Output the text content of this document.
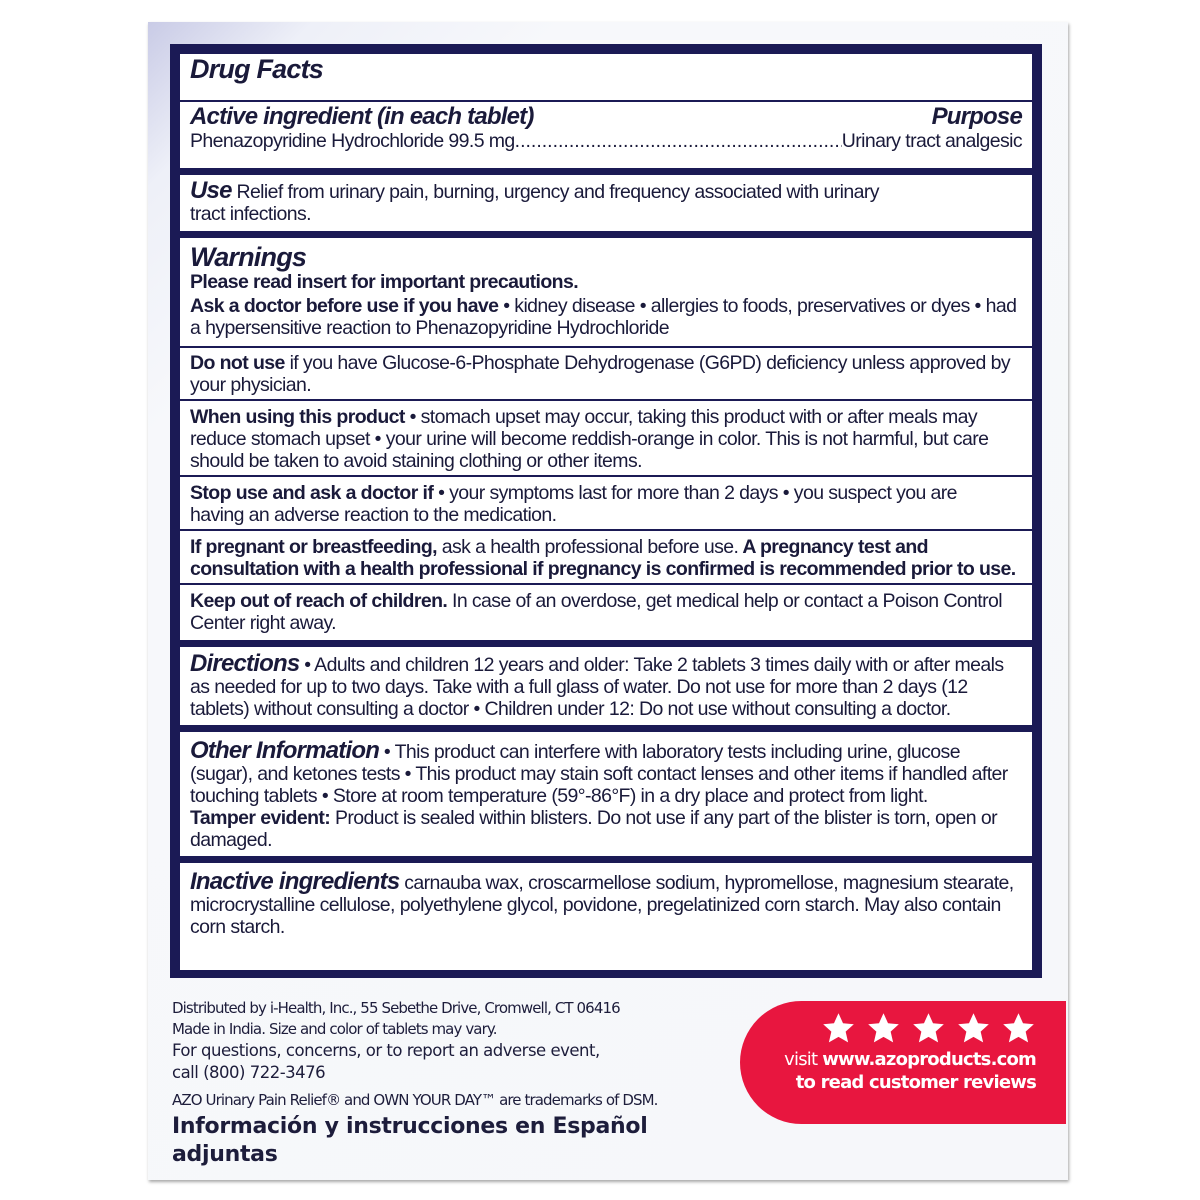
Drug Facts
Active ingredient (in each tablet)	Purpose
Phenazopyridine Hydrochloride 99.5 mg .....	Urinary tract analgesic
Use Relief from urinary pain, burning, urgency and frequency associated with urinary tract infections.
Warnings
Please read insert for important precautions.
Ask a doctor before use if you have • kidney disease • allergies to foods, preservatives or dyes • had a hypersensitive reaction to Phenazopyridine Hydrochloride
Do not use if you have Glucose-6-Phosphate Dehydrogenase (G6PD) deficiency unless approved by your physician.
When using this product • stomach upset may occur, taking this product with or after meals may reduce stomach upset • your urine will become reddish-orange in color. This is not harmful, but care should be taken to avoid staining clothing or other items.
Stop use and ask a doctor if • your symptoms last for more than 2 days • you suspect you are having an adverse reaction to the medication.
If pregnant or breastfeeding, ask a health professional before use. A pregnancy test and consultation with a health professional if pregnancy is confirmed is recommended prior to use.
Keep out of reach of children. In case of an overdose, get medical help or contact a Poison Control Center right away.
Directions • Adults and children 12 years and older: Take 2 tablets 3 times daily with or after meals as needed for up to two days. Take with a full glass of water. Do not use for more than 2 days (12 tablets) without consulting a doctor • Children under 12: Do not use without consulting a doctor.
Other Information • This product can interfere with laboratory tests including urine, glucose (sugar), and ketones tests • This product may stain soft contact lenses and other items if handled after touching tablets • Store at room temperature (59°-86°F) in a dry place and protect from light.
Tamper evident: Product is sealed within blisters. Do not use if any part of the blister is torn, open or damaged.
Inactive ingredients carnauba wax, croscarmellose sodium, hypromellose, magnesium stearate, microcrystalline cellulose, polyethylene glycol, povidone, pregelatinized corn starch. May also contain corn starch.
Distributed by i-Health, Inc., 55 Sebethe Drive, Cromwell, CT 06416
Made in India. Size and color of tablets may vary.
For questions, concerns, or to report an adverse event,
call (800) 722-3476
AZO Urinary Pain Relief® and OWN YOUR DAY™ are trademarks of DSM.
Información y instrucciones en Español adjuntas
visit www.azoproducts.com
to read customer reviews
